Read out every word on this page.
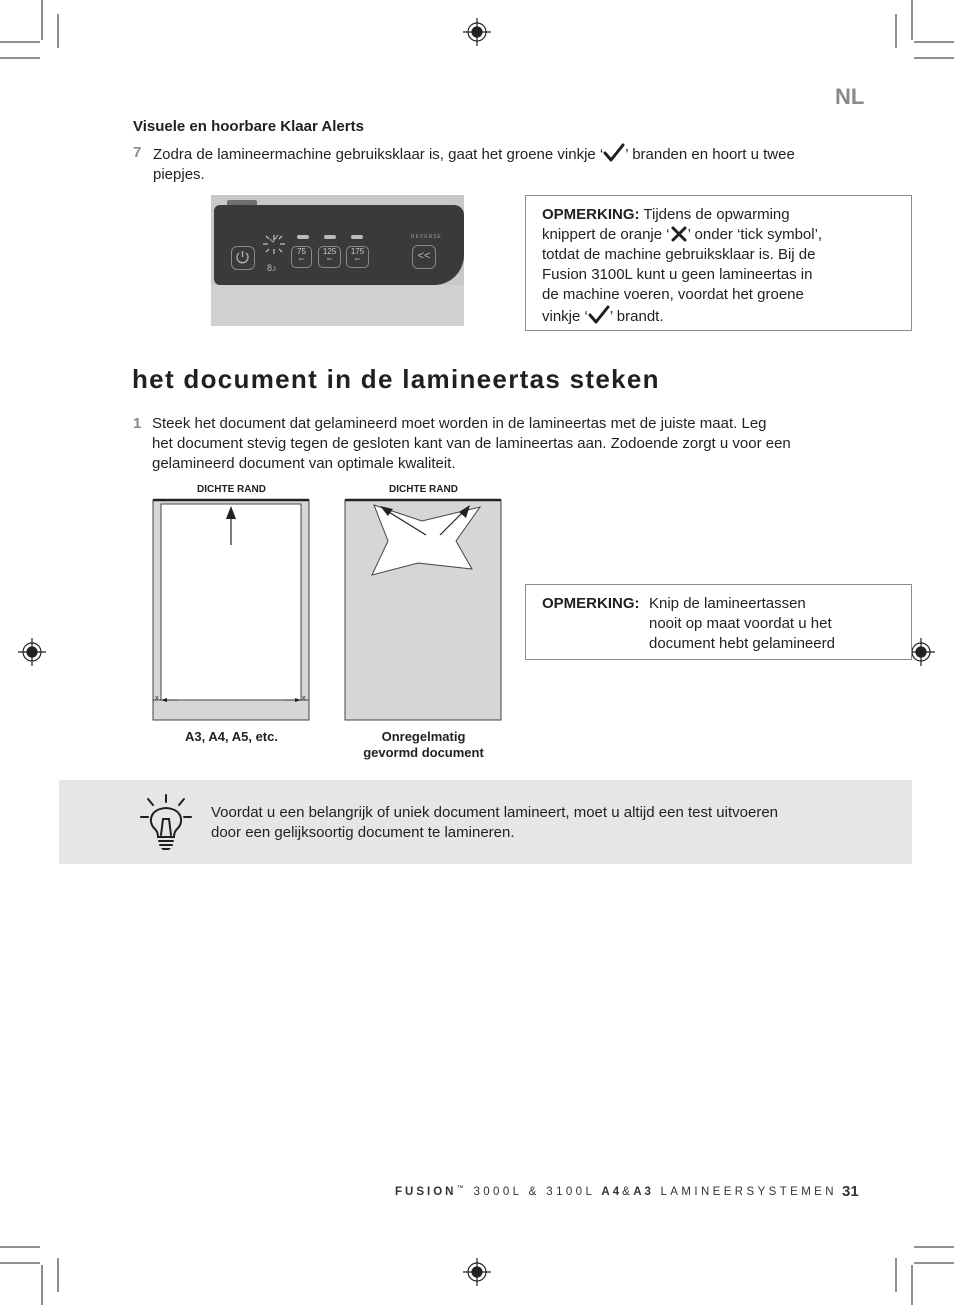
NL
Visuele en hoorbare Klaar Alerts
7 Zodra de lamineermachine gebruiksklaar is, gaat het groene vinkje ‘ ’ branden en hoort u twee
piepjes.
8♪
75
MIC
125
MIC
175
MIC
REVERSE
<<
OPMERKING: Tijdens de opwarming
knippert de oranje ‘ ’ onder ‘tick symbol’,
totdat de machine gebruiksklaar is. Bij de
Fusion 3100L kunt u geen lamineertas in
de machine voeren, voordat het groene
vinkje ‘ ’ brandt.
het document in de lamineertas steken
1 Steek het document dat gelamineerd moet worden in de lamineertas met de juiste maat. Leg
het document stevig tegen de gesloten kant van de lamineertas aan. Zodoende zorgt u voor een
gelamineerd document van optimale kwaliteit.
DICHTE RAND
x	x
A3, A4, A5, etc.
DICHTE RAND
Onregelmatig
gevormd document
OPMERKING: Knip de lamineertassen
nooit op maat voordat u het
document hebt gelamineerd
Voordat u een belangrijk of uniek document lamineert, moet u altijd een test uitvoeren
door een gelijksoortig document te lamineren.
FUSION™ 3000L & 3100L A4&A3 LAMINEERSYSTEMEN 31
